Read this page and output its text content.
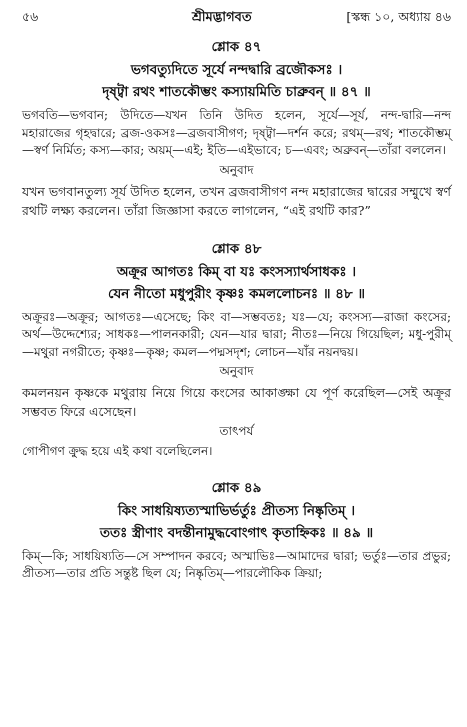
৫৬	শ্রীমদ্ভাগবত	[স্কন্ধ ১০, অধ্যায় ৪৬

শ্লোক ৪৭

ভগবত্যুদিতে সূর্যে নন্দদ্বারি ব্রজৌকসঃ ।

দৃষ্ট্বা রথং শাতকৌম্ভং কস্যায়মিতি চাব্রুবন্ ॥ ৪৭ ॥

ভগবতি—ভগবান; উদিতে—যখন তিনি উদিত হলেন, সূর্যে—সূর্য, নন্দ-দ্বারি—নন্দ মহারাজের গৃহদ্বারে; ব্রজ-ওকসঃ—ব্রজবাসীগণ; দৃষ্ট্বা—দর্শন করে; রথম্—রথ; শাতকৌম্ভম্—স্বর্ণ নির্মিত; কস্য—কার; অয়ম্—এই; ইতি—এইভাবে; চ—এবং; অব্রুবন্—তাঁরা বললেন।

অনুবাদ

যখন ভগবানতুল্য সূর্য উদিত হলেন, তখন ব্রজবাসীগণ নন্দ মহারাজের দ্বারের সম্মুখে স্বর্ণ রথটি লক্ষ্য করলেন। তাঁরা জিজ্ঞাসা করতে লাগলেন, “এই রথটি কার?”

শ্লোক ৪৮

অক্রূর আগতঃ কিম্ বা যঃ কংসস্যার্থসাধকঃ ।

যেন নীতো মধুপুরীং কৃষ্ণঃ কমললোচনঃ ॥ ৪৮ ॥

অক্রূরঃ—অক্রূর; আগতঃ—এসেছে; কিং বা—সম্ভবতঃ; যঃ—যে; কংসস্য—রাজা কংসের; অর্থ—উদ্দেশ্যের; সাধকঃ—পালনকারী; যেন—যার দ্বারা; নীতঃ—নিয়ে গিয়েছিল; মধু-পুরীম্—মথুরা নগরীতে; কৃষ্ণঃ—কৃষ্ণ; কমল—পদ্মসদৃশ; লোচন—যাঁর নয়নদ্বয়।

অনুবাদ

কমলনয়ন কৃষ্ণকে মথুরায় নিয়ে গিয়ে কংসের আকাঙ্ক্ষা যে পূর্ণ করেছিল—সেই অক্রূর সম্ভবত ফিরে এসেছেন।

তাৎপর্য

গোপীগণ ক্রুদ্ধ হয়ে এই কথা বলেছিলেন।

শ্লোক ৪৯

কিং সাধয়িষ্যত্যস্মাভির্ভর্তুঃ প্রীতস্য নিষ্কৃতিম্ ।

ততঃ স্ত্রীণাং বদন্তীনামুদ্ধবোংগাৎ কৃতাহ্নিকঃ ॥ ৪৯ ॥

কিম্—কি; সাধয়িষ্যতি—সে সম্পাদন করবে; অস্মাভিঃ—আমাদের দ্বারা; ভর্তুঃ—তার প্রভুর; প্রীতস্য—তার প্রতি সন্তুষ্ট ছিল যে; নিষ্কৃতিম্—পারলৌকিক ক্রিয়া;
